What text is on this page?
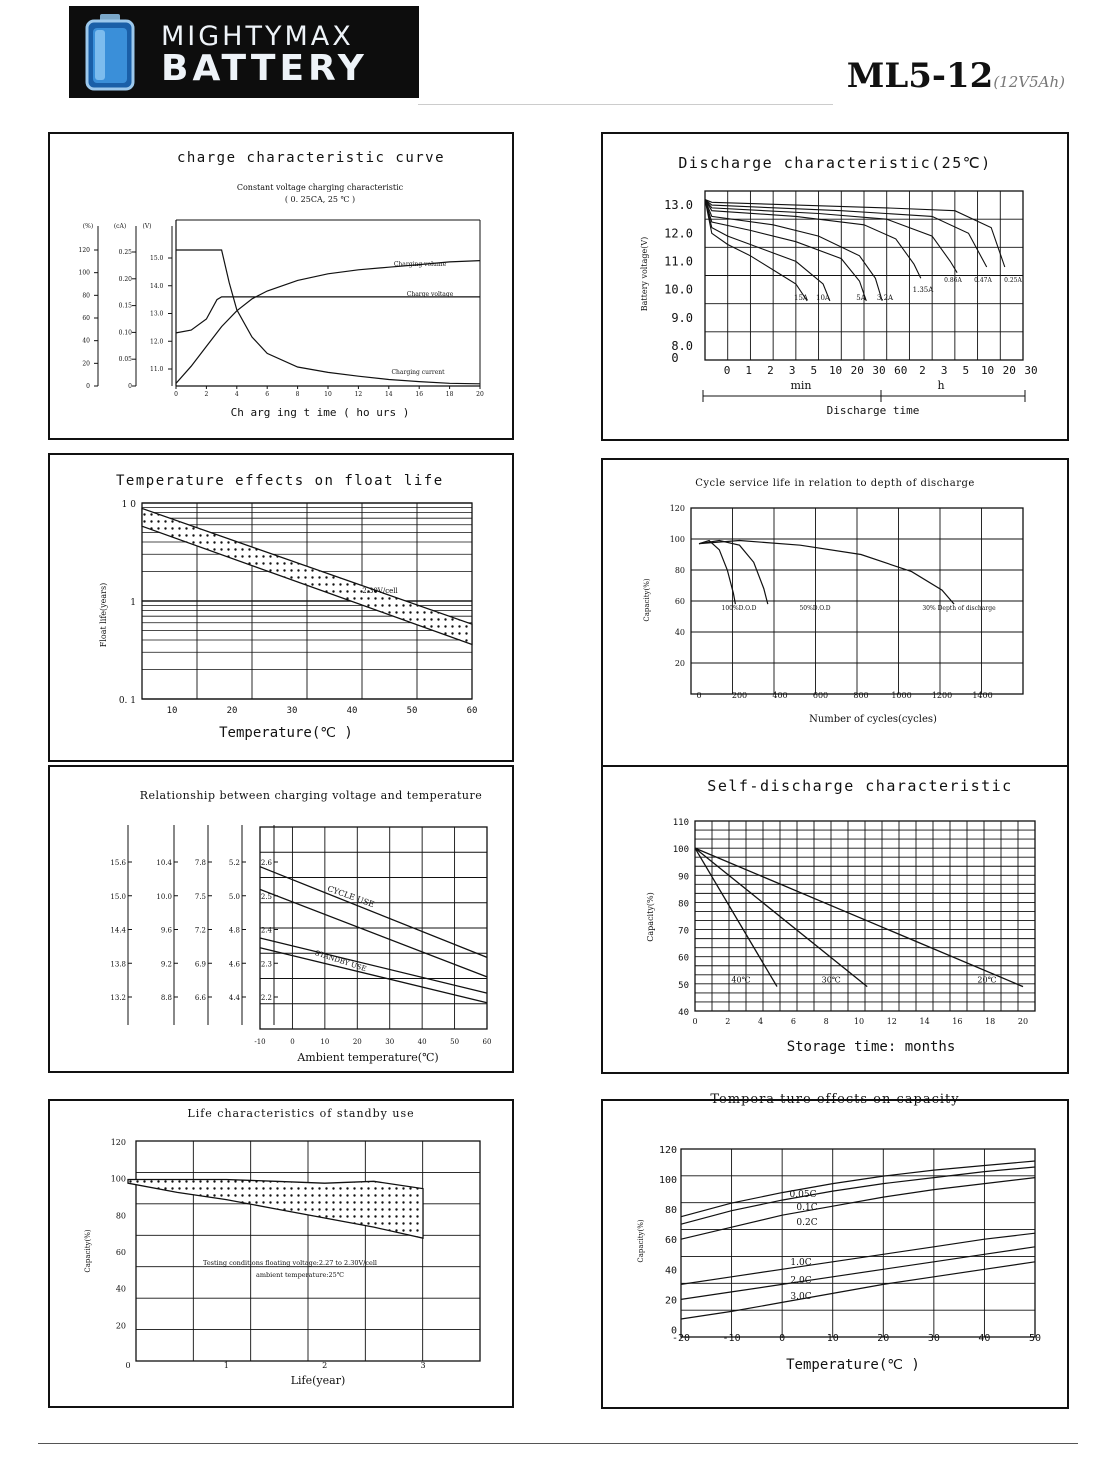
MIGHTYMAX
BATTERY	ML5-12(12V5Ah)
charge characteristic curve
Constant voltage charging characteristic
( 0. 25CA, 25 ℃ )
(%)	(cA)	(V)
120
100
80
60
40
20
0
0.25
0.20
0.15
0.10
0.05
0
15.0
14.0
13.0
12.0
11.0
0	2	4	6	8	10	12	14	16	18	20
Ch arg ing t ime ( ho urs )
Charging volume
Charge voltage
Charging current
Discharge characteristic(25℃)
13.0
12.0
11.0
10.0
9.0
8.0
0
Battery voltage(V)
0 1 2 3 5 10 20 30 60 2 3 5 10 20 30
min	h
Discharge time
15A 10A	5A 3.2A
1.35A
0.86A 0.47A 0.25A
Temperature effects on float life
1 0
1
0. 1
Float life(years)
10	20	30	40	50	60
Temperature(℃ )
2.30V/cell
Cycle service life in relation to depth of discharge
120
100
80
60
40
20
Capacity(%)
0	200	400	600	800	1000	1200	1400
Number of cycles(cycles)
100%D.O.D	50%D.O.D	30% Depth of discharge
Relationship between charging voltage and temperature
15.6
15.0
14.4
13.8
13.2
10.4
10.0
9.6
9.2
8.8
7.8
7.5
7.2
6.9
6.6
5.2
5.0
4.8
4.6
4.4
2.6
2.5
2.4
2.3
2.2
-10	0	10	20	30	40	50	60
Ambient temperature(℃)
CYCLE USE
STANDBY USE
Self-discharge characteristic
110
100
90
80
70
60
50
40
Capacity(%)
0	2	4	6	8	10	12	14	16	18	20
Storage time: months
40℃	30℃	20℃
Life characteristics of standby use
120
100
80
60
40
20
Capacity(%)
0	1	2	3
Life(year)
Testing conditions floating voltage:2.27 to 2.30V/cell
ambient temperature:25℃
Tempera ture effects on capacity
120
100
80
60
40
20
0
Capacity(%)
-20	-10	0	10	20	30	40	50
Temperature(℃ )
0.05C
0.1C
0.2C
1.0C
2.0C
3.0C
